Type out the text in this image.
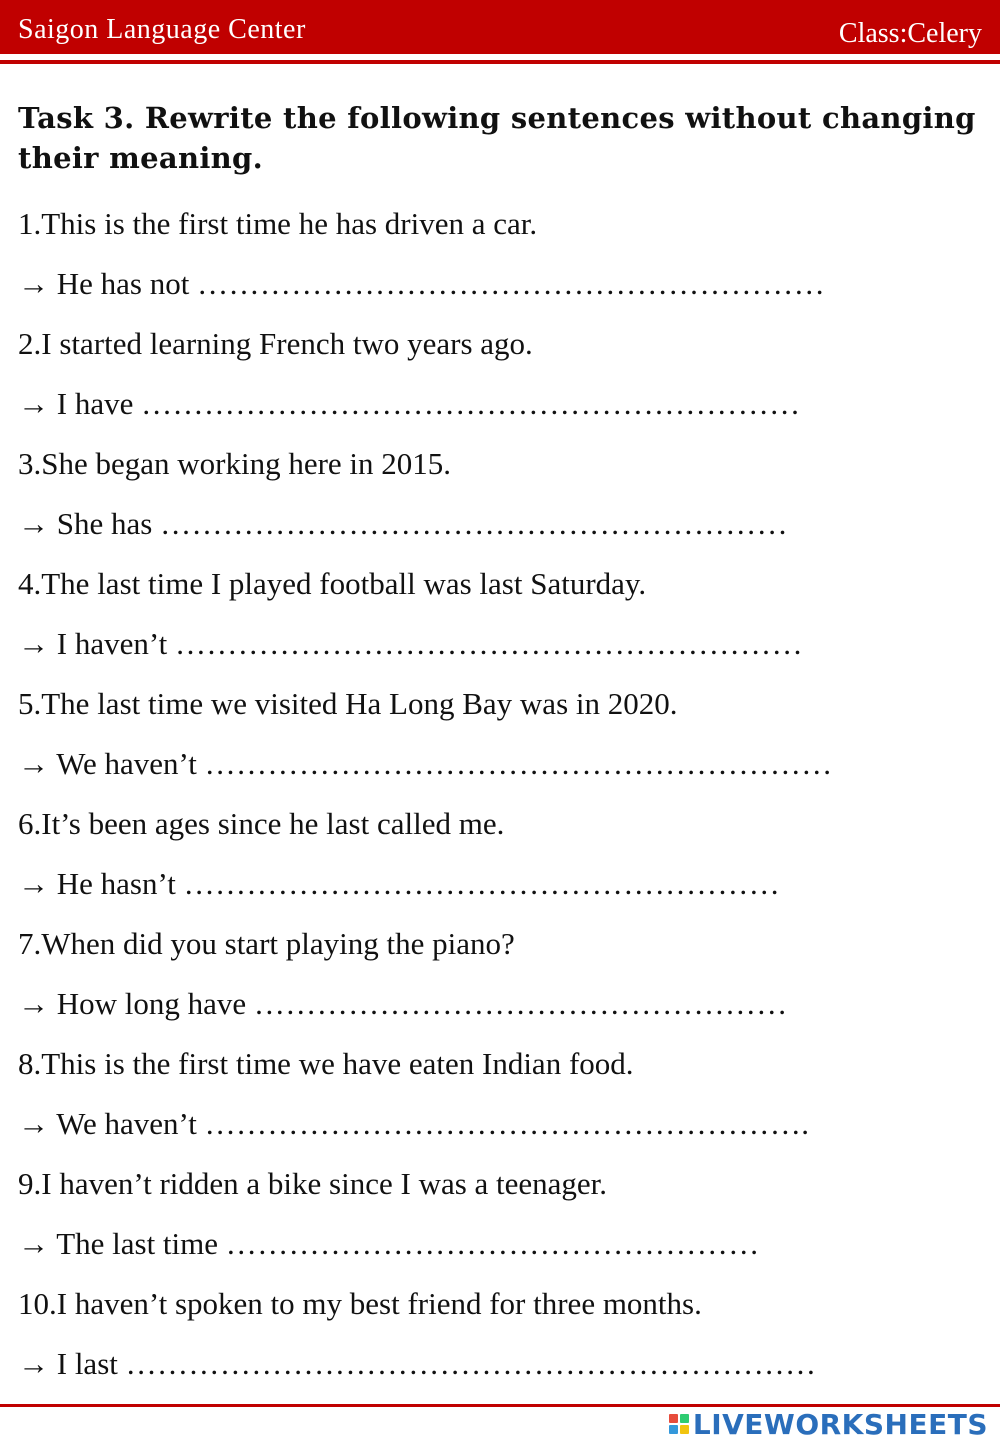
Saigon Language Center	Class:Celery
Task 3. Rewrite the following sentences without changing their meaning.
1.This is the first time he has driven a car.
→ He has not ……………………………………………………
2.I started learning French two years ago.
→ I have ………………………………………………………
3.She began working here in 2015.
→ She has ……………………………………………………
4.The last time I played football was last Saturday.
→ I haven’t ……………………………………………………
5.The last time we visited Ha Long Bay was in 2020.
→ We haven’t ……………………………………………………
6.It’s been ages since he last called me.
→ He hasn’t …………………………………………………
7.When did you start playing the piano?
→ How long have ……………………………………………
8.This is the first time we have eaten Indian food.
→ We haven’t ………………………………………………….
9.I haven’t ridden a bike since I was a teenager.
→ The last time ……………………………………………
10.I haven’t spoken to my best friend for three months.
→ I last …………………………………………………………
LIVEWORKSHEETS
